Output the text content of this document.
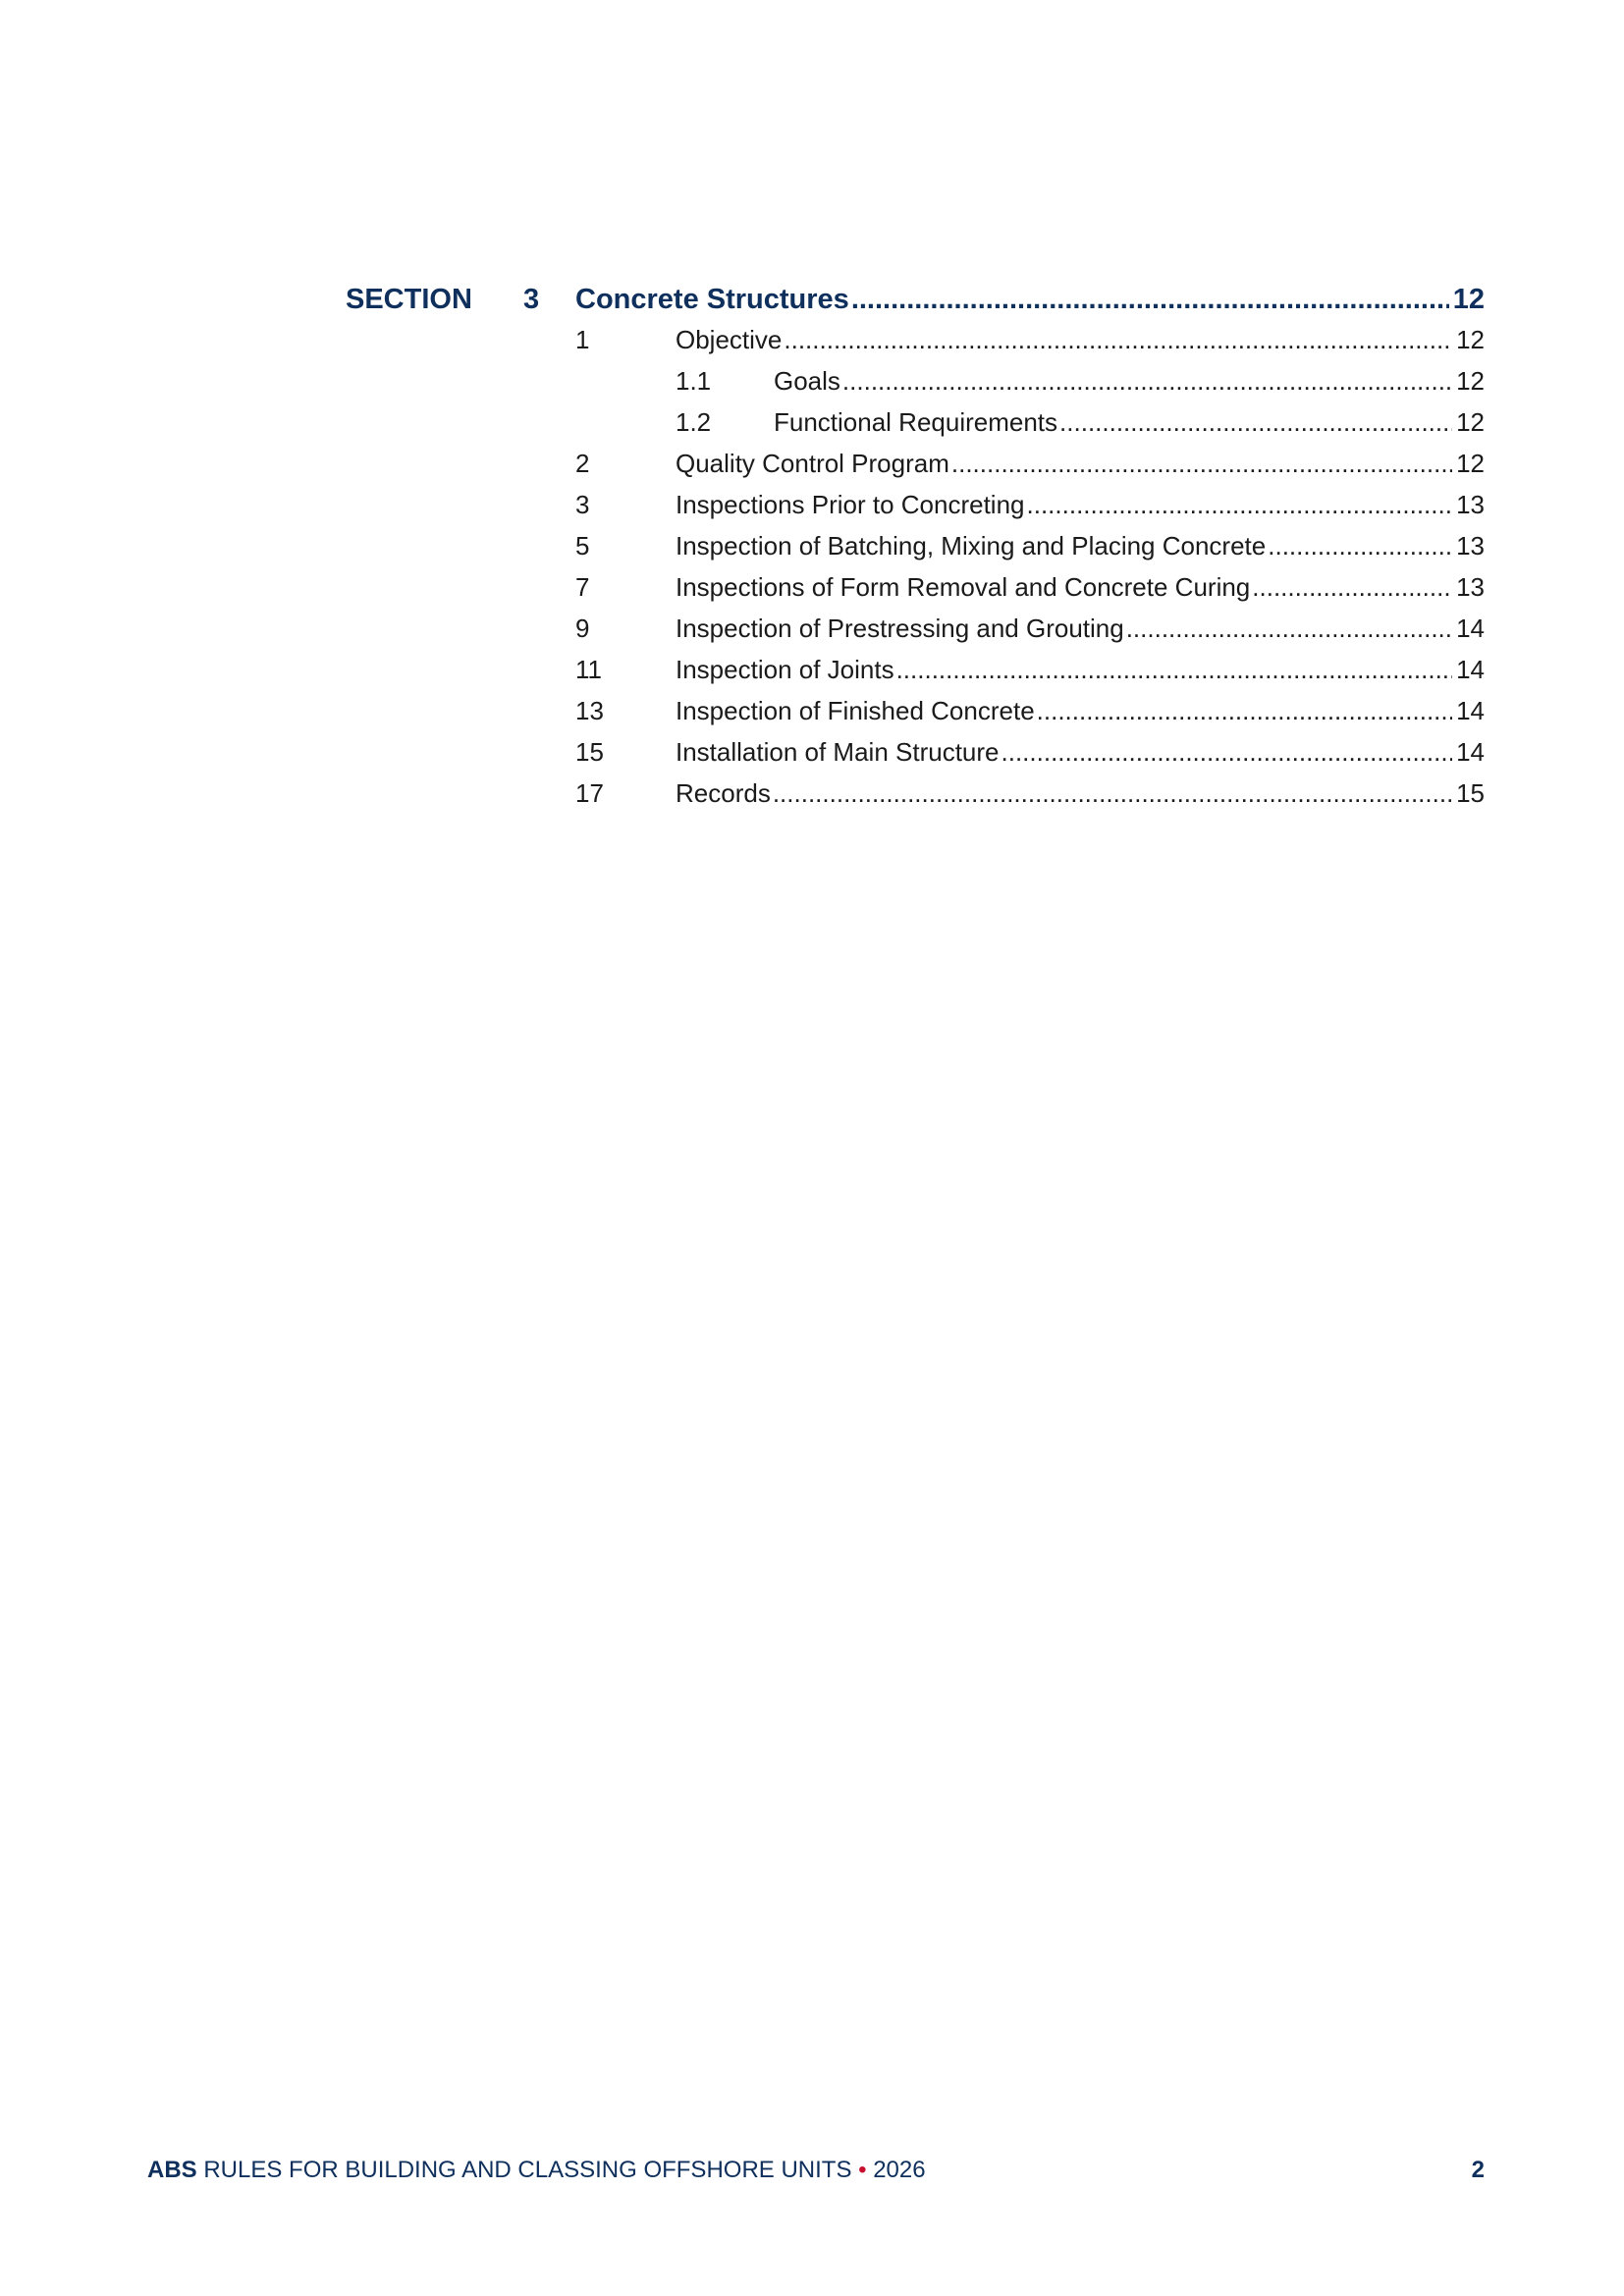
SECTION 3 Concrete Structures .....	12
1	Objective .....	12
1.1 Goals .....	12
1.2 Functional Requirements .....	12
2	Quality Control Program .....	12
3	Inspections Prior to Concreting .....	13
5	Inspection of Batching, Mixing and Placing Concrete .....	13
7	Inspections of Form Removal and Concrete Curing .....	13
9	Inspection of Prestressing and Grouting .....	14
11	Inspection of Joints .....	14
13	Inspection of Finished Concrete .....	14
15	Installation of Main Structure .....	14
17	Records .....	15
ABS RULES FOR BUILDING AND CLASSING OFFSHORE UNITS • 2026	2
